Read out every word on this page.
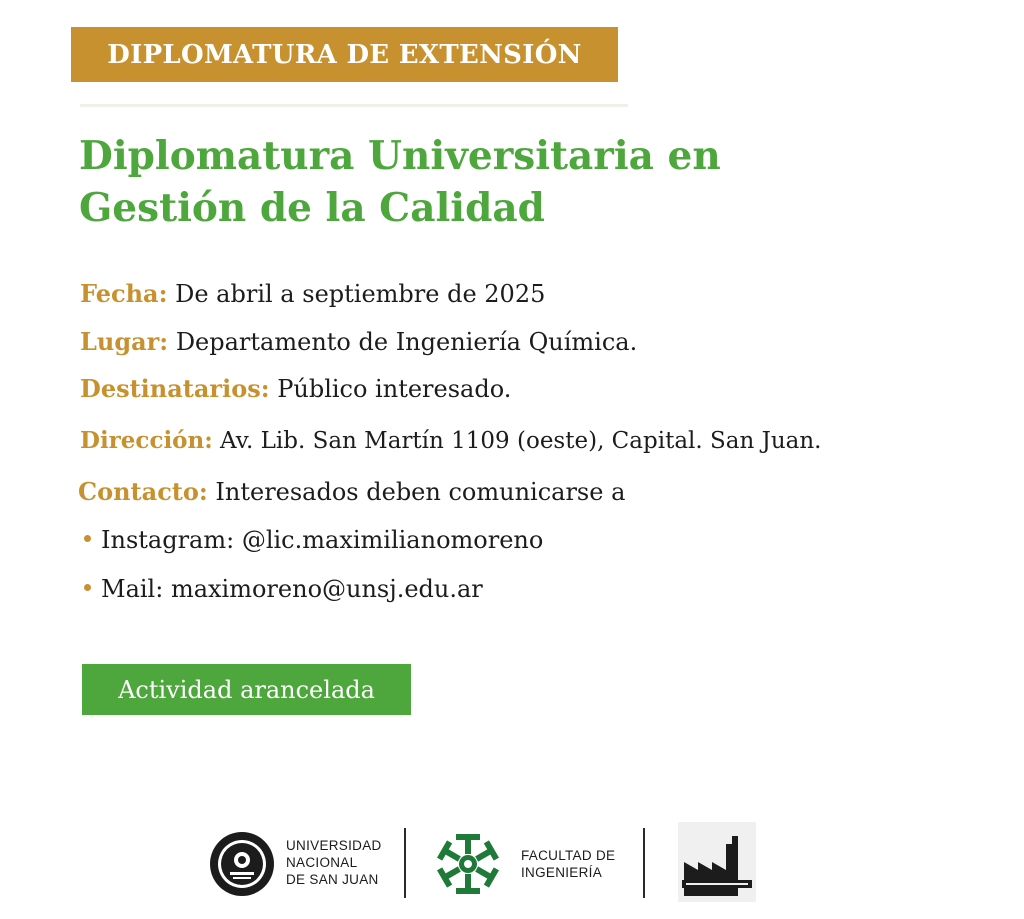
DIPLOMATURA DE EXTENSIÓN
Diplomatura Universitaria en
Gestión de la Calidad
Fecha: De abril a septiembre de 2025
Lugar: Departamento de Ingeniería Química.
Destinatarios: Público interesado.
Dirección: Av. Lib. San Martín 1109 (oeste), Capital. San Juan.
Contacto: Interesados deben comunicarse a
Instagram: @lic.maximilianomoreno
Mail: maximoreno@unsj.edu.ar
Actividad arancelada
UNIVERSIDAD
NACIONAL
DE SAN JUAN
FACULTAD DE
INGENIERÍA
